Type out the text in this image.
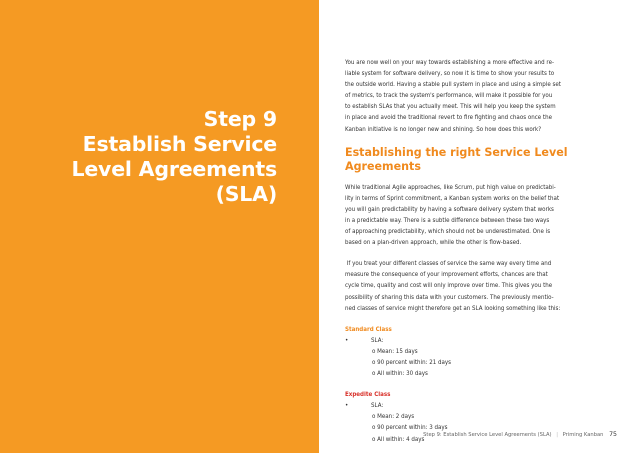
Step 9
Establish Service
Level Agreements
(SLA)
You are now well on your way towards establishing a more effective and re-
liable system for software delivery, so now it is time to show your results to
the outside world. Having a stable pull system in place and using a simple set
of metrics, to track the system's performance, will make it possible for you
to establish SLAs that you actually meet. This will help you keep the system
in place and avoid the traditional revert to fire fighting and chaos once the
Kanban initiative is no longer new and shining. So how does this work?
Establishing the right Service Level
Agreements
While traditional Agile approaches, like Scrum, put high value on predictabi-
lity in terms of Sprint commitment, a Kanban system works on the belief that
you will gain predictability by having a software delivery system that works
in a predictable way. There is a subtle difference between these two ways
of approaching predictability, which should not be underestimated. One is
based on a plan-driven approach, while the other is flow-based.
If you treat your different classes of service the same way every time and
measure the consequence of your improvement efforts, chances are that
cycle time, quality and cost will only improve over time. This gives you the
possibility of sharing this data with your customers. The previously mentio-
ned classes of service might therefore get an SLA looking something like this:
Standard Class
•	SLA:
o Mean: 15 days
o 90 percent within: 21 days
o All within: 30 days
Expedite Class
•	SLA:
o Mean: 2 days
o 90 percent within: 3 days
o All within: 4 days
Step 9: Establish Service Level Agreements (SLA) | Priming Kanban 75
